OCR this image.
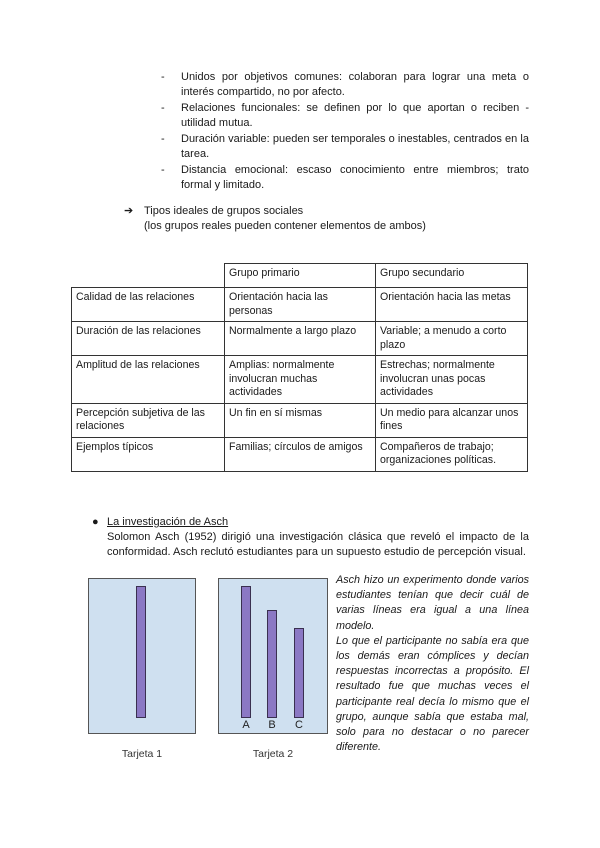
- Unidos por objetivos comunes: colaboran para lograr una meta o interés compartido, no por afecto.
- Relaciones funcionales: se definen por lo que aportan o reciben - utilidad mutua.
- Duración variable: pueden ser temporales o inestables, centrados en la tarea.
- Distancia emocional: escaso conocimiento entre miembros; trato formal y limitado.
➔ Tipos ideales de grupos sociales
(los grupos reales pueden contener elementos de ambos)
	Grupo primario	Grupo secundario
Calidad de las relaciones	Orientación hacia las personas	Orientación hacia las metas
Duración de las relaciones	Normalmente a largo plazo	Variable; a menudo a corto plazo
Amplitud de las relaciones	Amplias: normalmente involucran muchas actividades	Estrechas; normalmente involucran unas pocas actividades
Percepción subjetiva de las relaciones	Un fin en sí mismas	Un medio para alcanzar unos fines
Ejemplos típicos	Familias; círculos de amigos	Compañeros de trabajo; organizaciones políticas.
● La investigación de Asch
Solomon Asch (1952) dirigió una investigación clásica que reveló el impacto de la conformidad. Asch reclutó estudiantes para un supuesto estudio de percepción visual.
Tarjeta 1
A	B	C
Tarjeta 2

Asch hizo un experimento donde varios estudiantes tenían que decir cuál de varias líneas era igual a una línea modelo.

Lo que el participante no sabía era que los demás eran cómplices y decían respuestas incorrectas a propósito. El resultado fue que muchas veces el participante real decía lo mismo que el grupo, aunque sabía que estaba mal, solo para no destacar o no parecer diferente.
